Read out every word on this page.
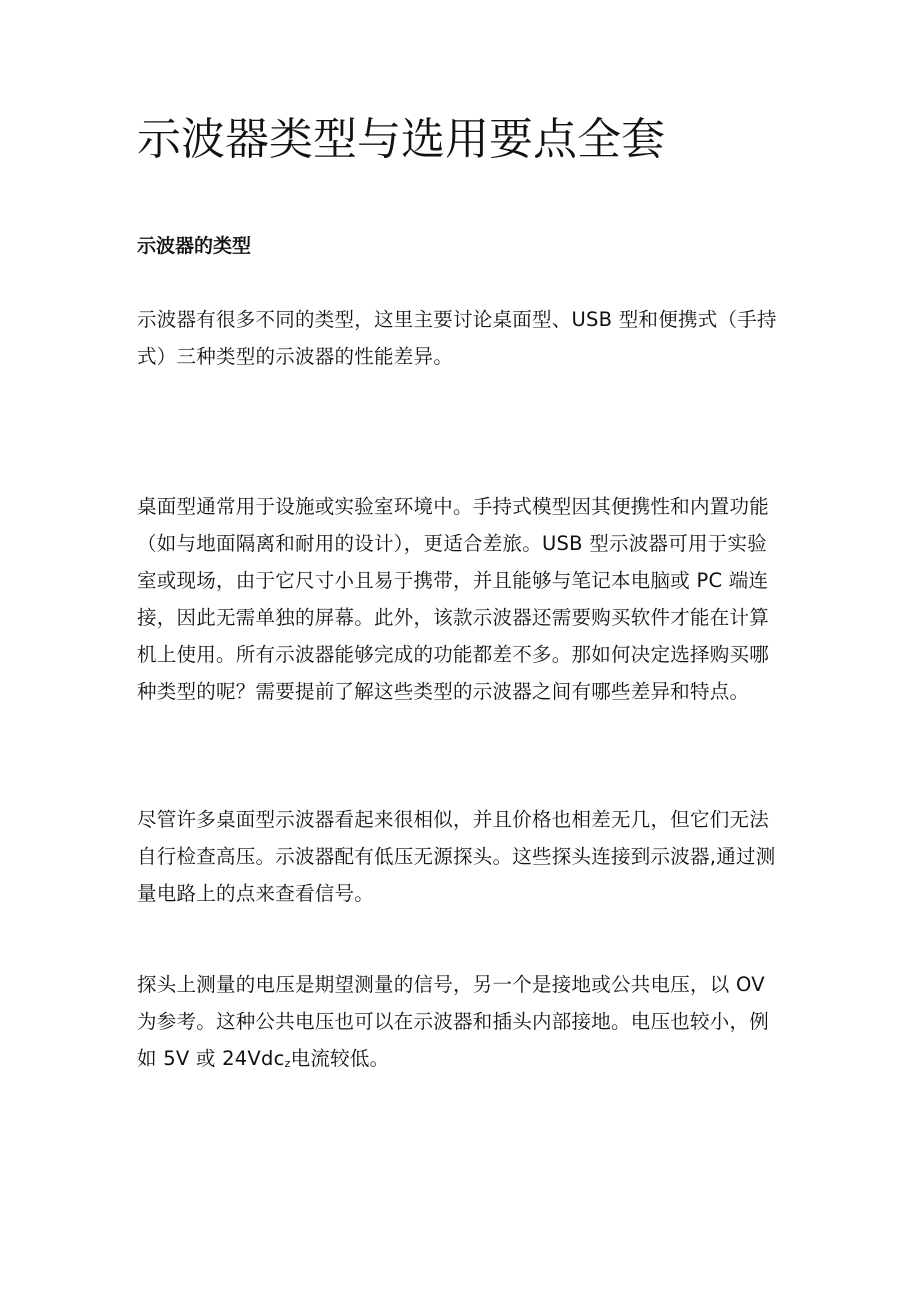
示波器类型与选用要点全套
示波器的类型

示波器有很多不同的类型，这里主要讨论桌面型、USB 型和便携式（手持
式）三种类型的示波器的性能差异。

桌面型通常用于设施或实验室环境中。手持式模型因其便携性和内置功能
（如与地面隔离和耐用的设计），更适合差旅。USB 型示波器可用于实验
室或现场，由于它尺寸小且易于携带，并且能够与笔记本电脑或 PC 端连
接，因此无需单独的屏幕。此外，该款示波器还需要购买软件才能在计算
机上使用。所有示波器能够完成的功能都差不多。那如何决定选择购买哪
种类型的呢？需要提前了解这些类型的示波器之间有哪些差异和特点。

尽管许多桌面型示波器看起来很相似，并且价格也相差无几，但它们无法
自行检查高压。示波器配有低压无源探头。这些探头连接到示波器,通过测
量电路上的点来查看信号。

探头上测量的电压是期望测量的信号，另一个是接地或公共电压，以 OV
为参考。这种公共电压也可以在示波器和插头内部接地。电压也较小，例
如 5V 或 24Vdc$_z$电流较低。
